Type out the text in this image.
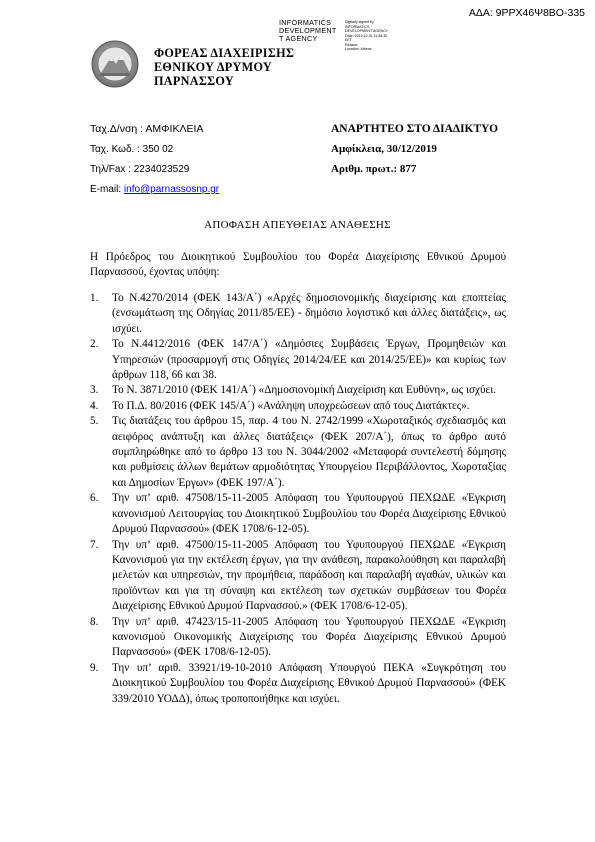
ΑΔΑ: 9ΡΡΧ46Ψ8ΒΟ-335
INFORMATICS
DEVELOPMENT
T AGENCY
Digitally signed by
INFORMATICS
DEVELOPMENT AGENCY
Date: 2019.12.31 11:38:30
EET
Reason:
Location: Athens
ΦΟΡΕΑΣ ΔΙΑΧΕΙΡΙΣΗΣ
ΕΘΝΙΚΟΥ ΔΡΥΜΟΥ
ΠΑΡΝΑΣΣΟΥ
Ταχ.Δ/νση : ΑΜΦΙΚΛΕΙΑ
Ταχ. Κωδ. : 350 02
Τηλ/Fax : 2234023529
E-mail: info@parnassosnp.gr
ΑΝΑΡΤΗΤΕΟ ΣΤΟ ΔΙΑΔΙΚΤΥΟ
Αμφίκλεια, 30/12/2019
Αριθμ. πρωτ.: 877
ΑΠΟΦΑΣΗ ΑΠΕΥΘΕΙΑΣ ΑΝΑΘΕΣΗΣ
Η Πρόεδρος του Διοικητικού Συμβουλίου του Φορέα Διαχείρισης Εθνικού Δρυμού Παρνασσού, έχοντας υπόψη:
1. Το Ν.4270/2014 (ΦΕΚ 143/Α΄) «Αρχές δημοσιονομικής διαχείρισης και εποπτείας (ενσωμάτωση της Οδηγίας 2011/85/ΕΕ) - δημόσιο λογιστικό και άλλες διατάξεις», ως ισχύει.
2. Το Ν.4412/2016 (ΦΕΚ 147/Α΄) «Δημόσιες Συμβάσεις Έργων, Προμηθειών και Υπηρεσιών (προσαρμογή στις Οδηγίες 2014/24/ΕΕ και 2014/25/ΕΕ)» και κυρίως των άρθρων 118, 66 και 38.
3. Το Ν. 3871/2010 (ΦΕΚ 141/Α΄) «Δημοσιονομική Διαχείριση και Ευθύνη», ως ισχύει.
4. Το Π.Δ. 80/2016 (ΦΕΚ 145/Α΄) «Ανάληψη υποχρεώσεων από τους Διατάκτες».
5. Τις διατάξεις του άρθρου 15, παρ. 4 του Ν. 2742/1999 «Χωροταξικός σχεδιασμός και αειφόρος ανάπτυξη και άλλες διατάξεις» (ΦΕΚ 207/Α΄), όπως το άρθρο αυτό συμπληρώθηκε από το άρθρο 13 του Ν. 3044/2002 «Μεταφορά συντελεστή δόμησης και ρυθμίσεις άλλων θεμάτων αρμοδιότητας Υπουργείου Περιβάλλοντος, Χωροταξίας και Δημοσίων Έργων» (ΦΕΚ 197/Α΄).
6. Την υπ’ αριθ. 47508/15-11-2005 Απόφαση του Υφυπουργού ΠΕΧΩΔΕ «Έγκριση κανονισμού Λειτουργίας του Διοικητικού Συμβουλίου του Φορέα Διαχείρισης Εθνικού Δρυμού Παρνασσού» (ΦΕΚ 1708/6-12-05).
7. Την υπ’ αριθ. 47500/15-11-2005 Απόφαση του Υφυπουργού ΠΕΧΩΔΕ «Έγκριση Κανονισμού για την εκτέλεση έργων, για την ανάθεση, παρακολούθηση και παραλαβή μελετών και υπηρεσιών, την προμήθεια, παράδοση και παραλαβή αγαθών, υλικών και προϊόντων και για τη σύναψη και εκτέλεση των σχετικών συμβάσεων του Φορέα Διαχείρισης Εθνικού Δρυμού Παρνασσού.» (ΦΕΚ 1708/6-12-05).
8. Την υπ’ αριθ. 47423/15-11-2005 Απόφαση του Υφυπουργού ΠΕΧΩΔΕ «Έγκριση κανονισμού Οικονομικής Διαχείρισης του Φορέα Διαχείρισης Εθνικού Δρυμού Παρνασσού» (ΦΕΚ 1708/6-12-05).
9. Την υπ’ αριθ. 33921/19-10-2010 Απόφαση Υπουργού ΠΕΚΑ «Συγκρότηση του Διοικητικού Συμβουλίου του Φορέα Διαχείρισης Εθνικού Δρυμού Παρνασσού» (ΦΕΚ 339/2010 ΥΟΔΔ), όπως τροποποιήθηκε και ισχύει.
